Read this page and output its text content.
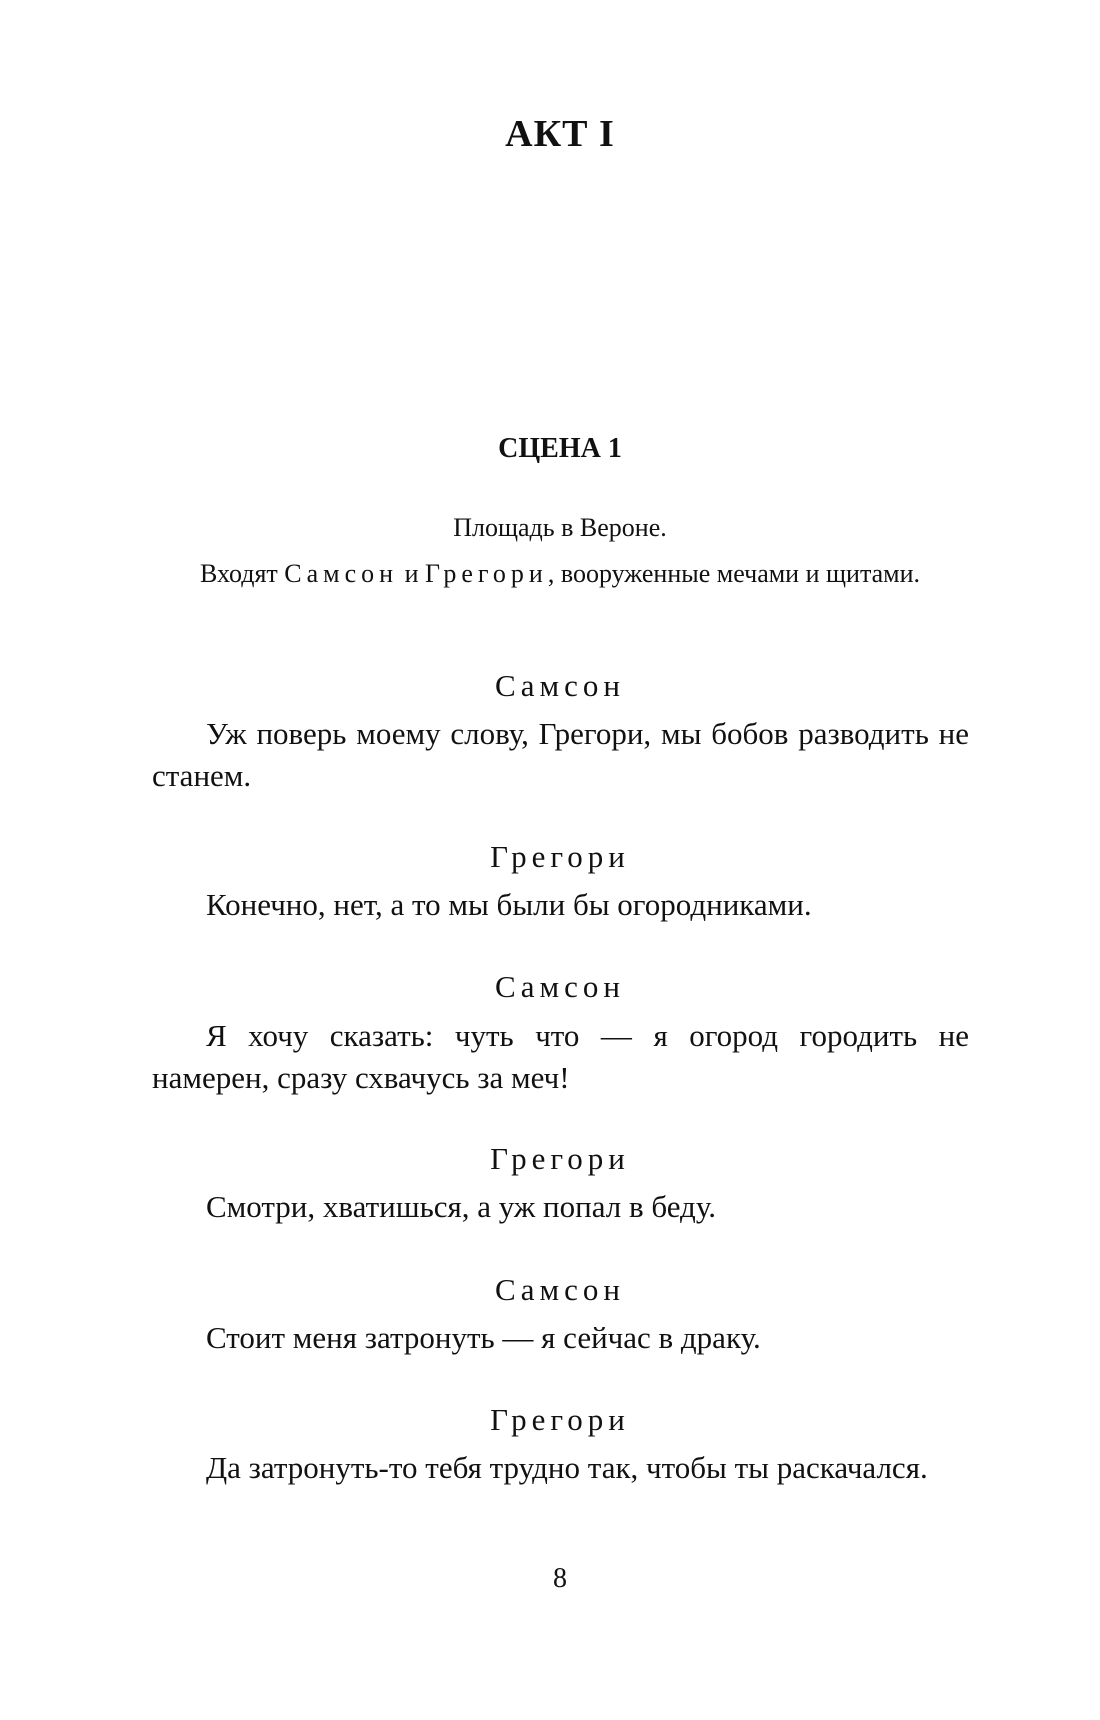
АКТ I
СЦЕНА 1

Площадь в Вероне.

Входят Самсон и Грегори, вооруженные мечами и щитами.

Самсон

Уж поверь моему слову, Грегори, мы бобов разводить не станем.

Грегори

Конечно, нет, а то мы были бы огородниками.

Самсон

Я хочу сказать: чуть что — я огород городить не намерен, сразу схвачусь за меч!

Грегори

Смотри, хватишься, а уж попал в беду.

Самсон

Стоит меня затронуть — я сейчас в драку.

Грегори

Да затронуть-то тебя трудно так, чтобы ты раскачался.

8
